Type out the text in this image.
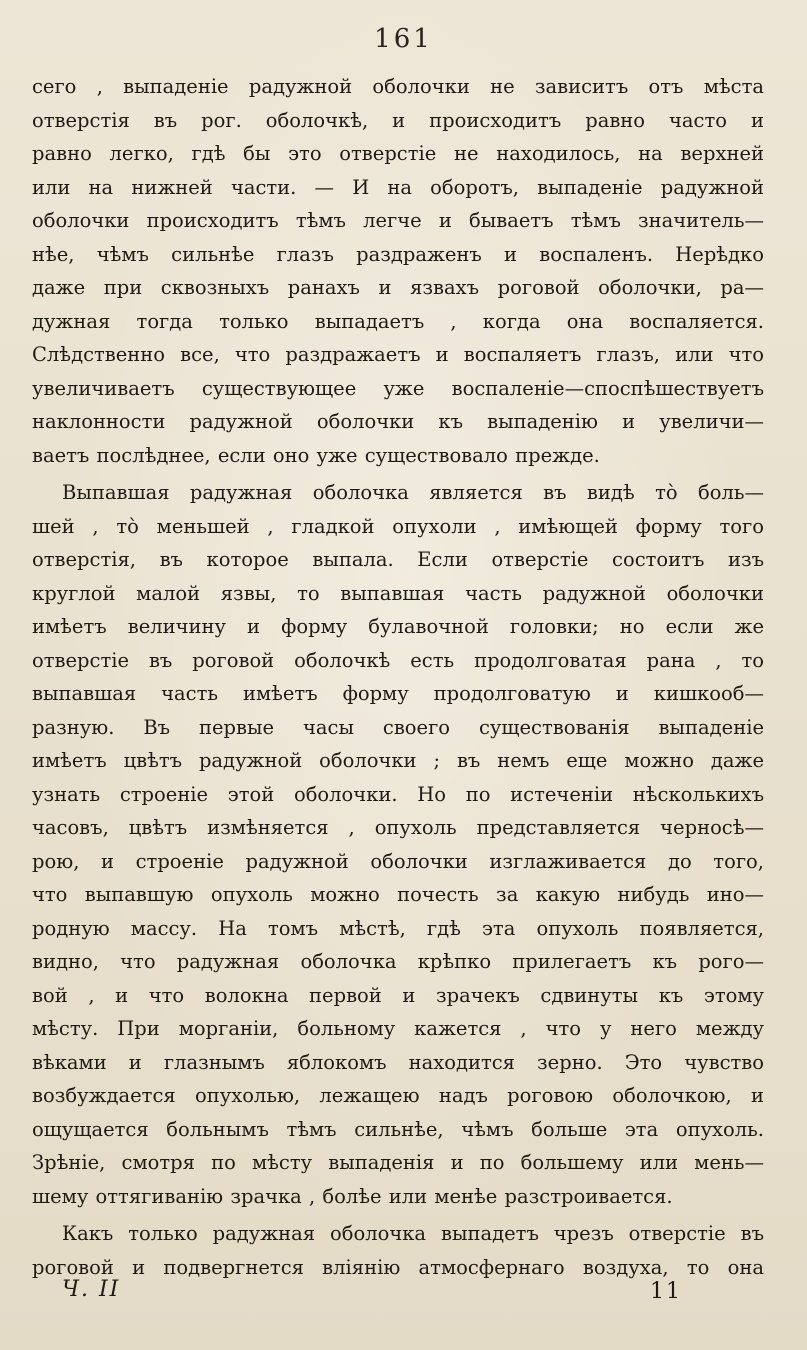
161
сего , выпаденіе радужной оболочки не зависитъ отъ мѣста
отверстія въ рог. оболочкѣ, и происходитъ равно часто и
равно легко, гдѣ бы это отверстіе не находилось, на верхней
или на нижней части. — И на оборотъ, выпаденіе радужной
оболочки происходитъ тѣмъ легче и бываетъ тѣмъ значитель—
нѣе, чѣмъ сильнѣе глазъ раздраженъ и воспаленъ. Нерѣдко
даже при сквозныхъ ранахъ и язвахъ роговой оболочки, ра—
дужная тогда только выпадаетъ , когда она воспаляется.
Слѣдственно все, что раздражаетъ и воспаляетъ глазъ, или что
увеличиваетъ существующее уже воспаленіе—споспѣшествуетъ
наклонности радужной оболочки къ выпаденію и увеличи—
ваетъ послѣднее, если оно уже существовало прежде.
Выпавшая радужная оболочка является въ видѣ то̀ боль—
шей , то̀ меньшей , гладкой опухоли , имѣющей форму того
отверстія, въ которое выпала. Если отверстіе состоитъ изъ
круглой малой язвы, то выпавшая часть радужной оболочки
имѣетъ величину и форму булавочной головки; но если же
отверстіе въ роговой оболочкѣ есть продолговатая рана , то
выпавшая часть имѣетъ форму продолговатую и кишкооб—
разную. Въ первые часы своего существованія выпаденіе
имѣетъ цвѣтъ радужной оболочки ; въ немъ еще можно даже
узнать строеніе этой оболочки. Но по истеченіи нѣсколькихъ
часовъ, цвѣтъ измѣняется , опухоль представляется черносѣ—
рою, и строеніе радужной оболочки изглаживается до того,
что выпавшую опухоль можно почесть за какую нибудь ино—
родную массу. На томъ мѣстѣ, гдѣ эта опухоль появляется,
видно, что радужная оболочка крѣпко прилегаетъ къ рого—
вой , и что волокна первой и зрачекъ сдвинуты къ этому
мѣсту. При морганіи, больному кажется , что у него между
вѣками и глазнымъ яблокомъ находится зерно. Это чувство
возбуждается опухолью, лежащею надъ роговою оболочкою, и
ощущается больнымъ тѣмъ сильнѣе, чѣмъ больше эта опухоль.
Зрѣніе, смотря по мѣсту выпаденія и по большему или мень—
шему оттягиванію зрачка , болѣе или менѣе разстроивается.
Какъ только радужная оболочка выпадетъ чрезъ отверстіе въ
роговой и подвергнется вліянію атмосфернаго воздуха, то она
Ч. II	11
